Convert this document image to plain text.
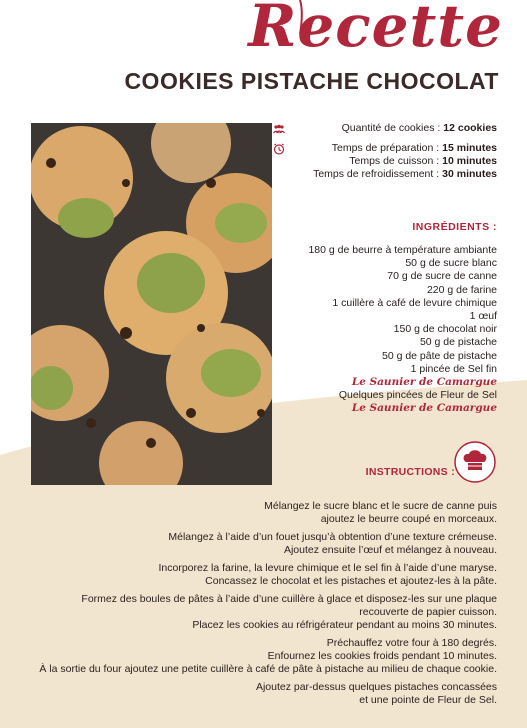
Recette
COOKIES PISTACHE CHOCOLAT
Quantité de cookies : 12 cookies
Temps de préparation : 15 minutes
Temps de cuisson : 10 minutes
Temps de refroidissement : 30 minutes
INGRÉDIENTS :
180 g de beurre à température ambiante
50 g de sucre blanc
70 g de sucre de canne
220 g de farine
1 cuillère à café de levure chimique
1 œuf
150 g de chocolat noir
50 g de pistache
50 g de pâte de pistache
1 pincée de Sel fin
Le Saunier de Camargue
Quelques pincées de Fleur de Sel
Le Saunier de Camargue
INSTRUCTIONS :

Mélangez le sucre blanc et le sucre de canne puis
ajoutez le beurre coupé en morceaux.

Mélangez à l’aide d’un fouet jusqu’à obtention d’une texture crémeuse.
Ajoutez ensuite l’œuf et mélangez à nouveau.

Incorporez la farine, la levure chimique et le sel fin à l’aide d’une maryse.
Concassez le chocolat et les pistaches et ajoutez-les à la pâte.

Formez des boules de pâtes à l’aide d’une cuillère à glace et disposez-les sur une plaque
recouverte de papier cuisson.
Placez les cookies au réfrigérateur pendant au moins 30 minutes.

Préchauffez votre four à 180 degrés.
Enfournez les cookies froids pendant 10 minutes.
À la sortie du four ajoutez une petite cuillère à café de pâte à pistache au milieu de chaque cookie.

Ajoutez par-dessus quelques pistaches concassées
et une pointe de Fleur de Sel.
